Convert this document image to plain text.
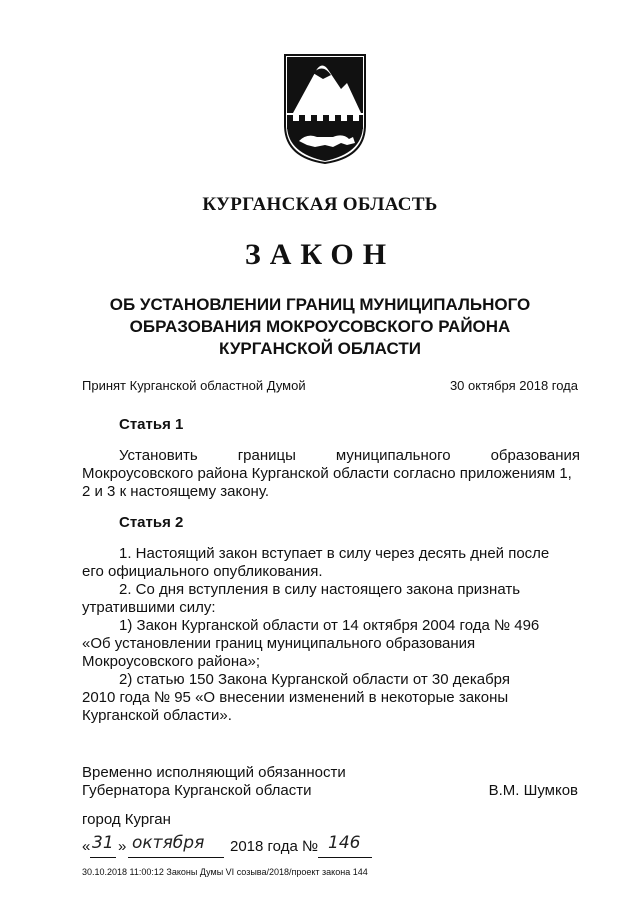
КУРГАНСКАЯ ОБЛАСТЬ
ЗАКОН
ОБ УСТАНОВЛЕНИИ ГРАНИЦ МУНИЦИПАЛЬНОГО
ОБРАЗОВАНИЯ МОКРОУСОВСКОГО РАЙОНА
КУРГАНСКОЙ ОБЛАСТИ
Принят Курганской областной Думой	30 октября 2018 года
Статья 1
Установить	границы	муниципального	образования
Мокроусовского района Курганской области согласно приложениям 1,
2 и 3 к настоящему закону.
Статья 2
1. Настоящий закон вступает в силу через десять дней после
его официального опубликования.
2. Со дня вступления в силу настоящего закона признать
утратившими силу:
1) Закон Курганской области от 14 октября 2004 года № 496
«Об установлении границ муниципального образования
Мокроусовского района»;
2) статью 150 Закона Курганской области от 30 декабря
2010 года № 95 «О внесении изменений в некоторые законы
Курганской области».
Временно исполняющий обязанности
Губернатора Курганской области	В.М. Шумков
город Курган
« 31 » октября 2018 года № 146
30.10.2018 11:00:12 Законы Думы VI созыва/2018/проект закона 144
